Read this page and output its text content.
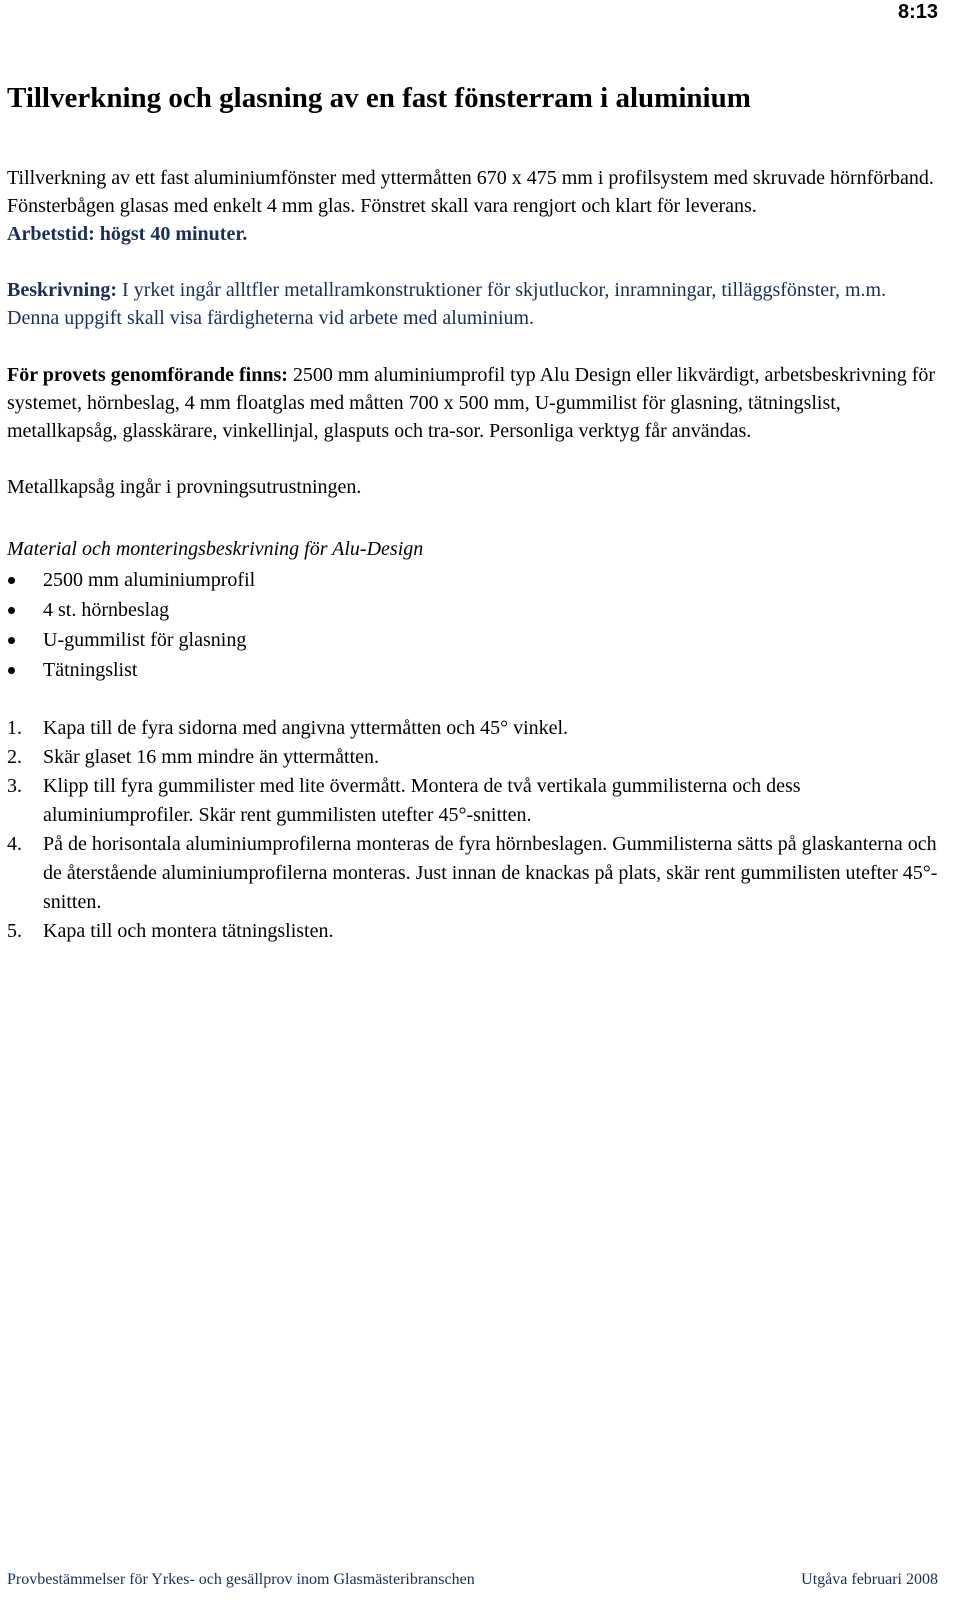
8:13
Tillverkning och glasning av en fast fönsterram i aluminium

Tillverkning av ett fast aluminiumfönster med yttermåtten 670 x 475 mm i profilsystem med skruvade hörnförband. Fönsterbågen glasas med enkelt 4 mm glas. Fönstret skall vara rengjort och klart för leverans.

Arbetstid: högst 40 minuter.

Beskrivning: I yrket ingår alltfler metallramkonstruktioner för skjutluckor, inramningar, tilläggsfönster, m.m. Denna uppgift skall visa färdigheterna vid arbete med aluminium.

För provets genomförande finns: 2500 mm aluminiumprofil typ Alu Design eller likvärdigt, arbetsbeskrivning för systemet, hörnbeslag, 4 mm floatglas med måtten 700 x 500 mm, U-gummilist för glasning, tätningslist, metallkapsåg, glasskärare, vinkellinjal, glasputs och tra-sor. Personliga verktyg får användas.

Metallkapsåg ingår i provningsutrustningen.

Material och monteringsbeskrivning för Alu-Design

2500 mm aluminiumprofil
4 st. hörnbeslag
U-gummilist för glasning
Tätningslist
1. Kapa till de fyra sidorna med angivna yttermåtten och 45° vinkel.
2. Skär glaset 16 mm mindre än yttermåtten.
3. Klipp till fyra gummilister med lite övermått. Montera de två vertikala gummilisterna och dess aluminiumprofiler. Skär rent gummilisten utefter 45°-snitten.
4. På de horisontala aluminiumprofilerna monteras de fyra hörnbeslagen. Gummilisterna sätts på glaskanterna och de återstående aluminiumprofilerna monteras. Just innan de knackas på plats, skär rent gummilisten utefter 45°-snitten.
5. Kapa till och montera tätningslisten.
Provbestämmelser för Yrkes- och gesällprov inom Glasmästeribranschen	Utgåva februari 2008
